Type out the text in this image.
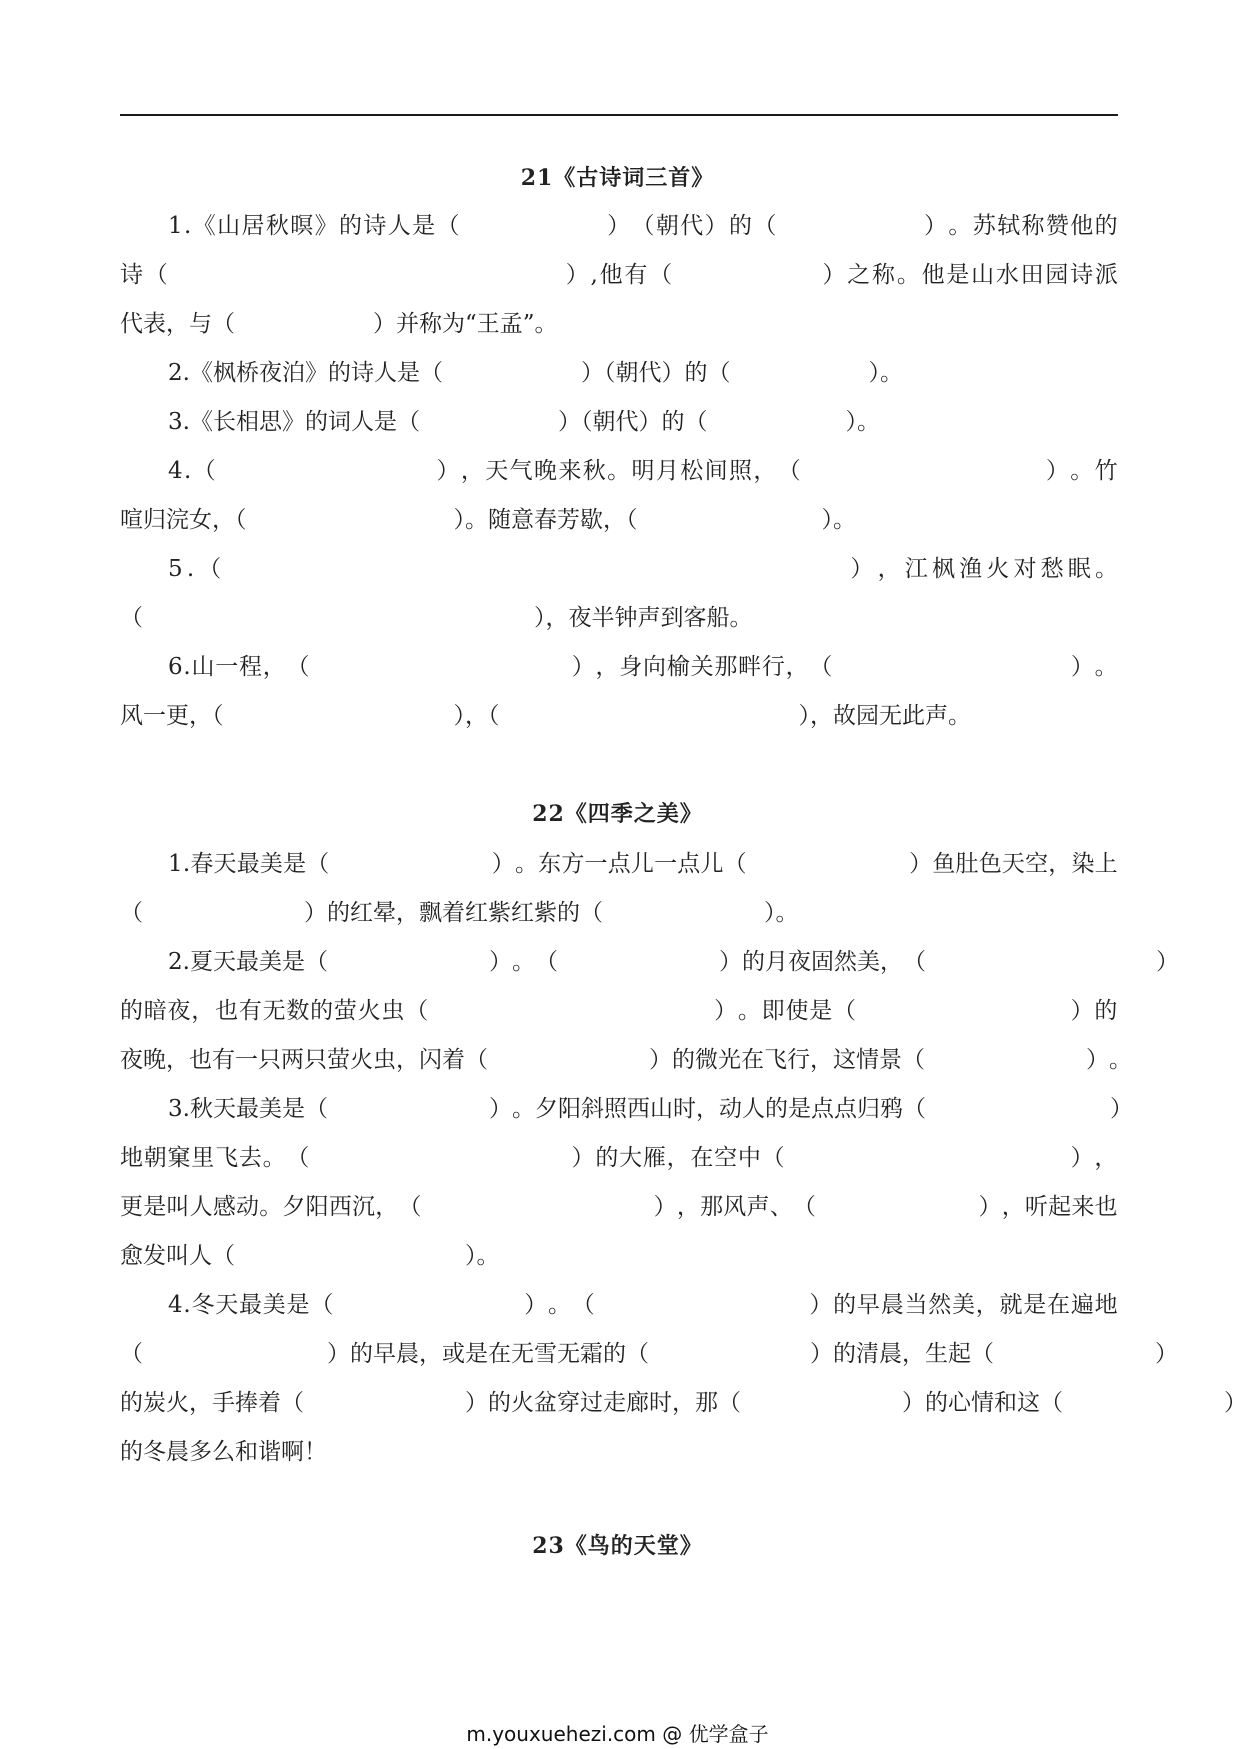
21《古诗词三首》
1 . 《 山 居 秋 暝 》 的 诗 人 是 （

　	） （ 朝 代 ） 的 （

　	） 。 苏 轼 称 赞 他 的
诗 （

　	） , 他 有 （

　	） 之 称 。 他 是 山 水 田 园 诗 派
代表，与（　　　　　　）并称为“王孟”。
2.《枫桥夜泊》的诗人是（　　　　　　）（朝代）的（　　　　　　）。
3.《长相思》的词人是（　　　　　　）（朝代）的（　　　　　　）。
4 . （

　	） ， 天 气 晚 来 秋 。 明 月 松 间 照 ， （

　	） 。 竹
喧归浣女，（　　　　　　　　　）。随意春芳歇，（　　　　　　　　）。
5 . （

　	） ， 江 枫 渔 火 对 愁 眠 。
（　　　　　　　　　　　　　　　　　），夜半钟声到客船。
6 . 山 一 程 ， （

　	） ， 身 向 榆 关 那 畔 行 ， （

　	） 。
风一更，（　　　　　　　　　　），（　　　　　　　　　　　　　），故园无此声。
22《四季之美》
1 . 春 天 最 美 是 （

　	） 。 东 方 一 点 儿 一 点 儿 （

　	） 鱼 肚 色 天 空 ， 染 上
（　　　　　　　）的红晕，飘着红紫红紫的（　　　　　　　）。
2 . 夏 天 最 美 是 （

　	） 。 （

　	） 的 月 夜 固 然 美 ， （

　	）
的 暗 夜 ， 也 有 无 数 的 萤 火 虫 （

　	） 。 即 使 是 （

　	） 的
夜 晚 ， 也 有 一 只 两 只 萤 火 虫 ， 闪 着 （

　	） 的 微 光 在 飞 行 ， 这 情 景 （

　	） 。
3 . 秋 天 最 美 是 （

　	） 。 夕 阳 斜 照 西 山 时 ， 动 人 的 是 点 点 归 鸦 （

　	）
地 朝 窠 里 飞 去 。 （

　	） 的 大 雁 ， 在 空 中 （

　	） ，
更 是 叫 人 感 动 。 夕 阳 西 沉 ， （

　	） ， 那 风 声 、 （

　	） ， 听 起 来 也
愈发叫人（　　　　　　　　　　）。
4 . 冬 天 最 美 是 （

　	） 。 （

　	） 的 早 晨 当 然 美 ， 就 是 在 遍 地
（

　	） 的 早 晨 ， 或 是 在 无 雪 无 霜 的 （

　	） 的 清 晨 ， 生 起 （

　	）
的 炭 火 ， 手 捧 着 （

　	） 的 火 盆 穿 过 走 廊 时 ， 那 （

　	） 的 心 情 和 这 （

　	）
的冬晨多么和谐啊！
23《鸟的天堂》
m.youxuehezi.com @ 优学盒子
